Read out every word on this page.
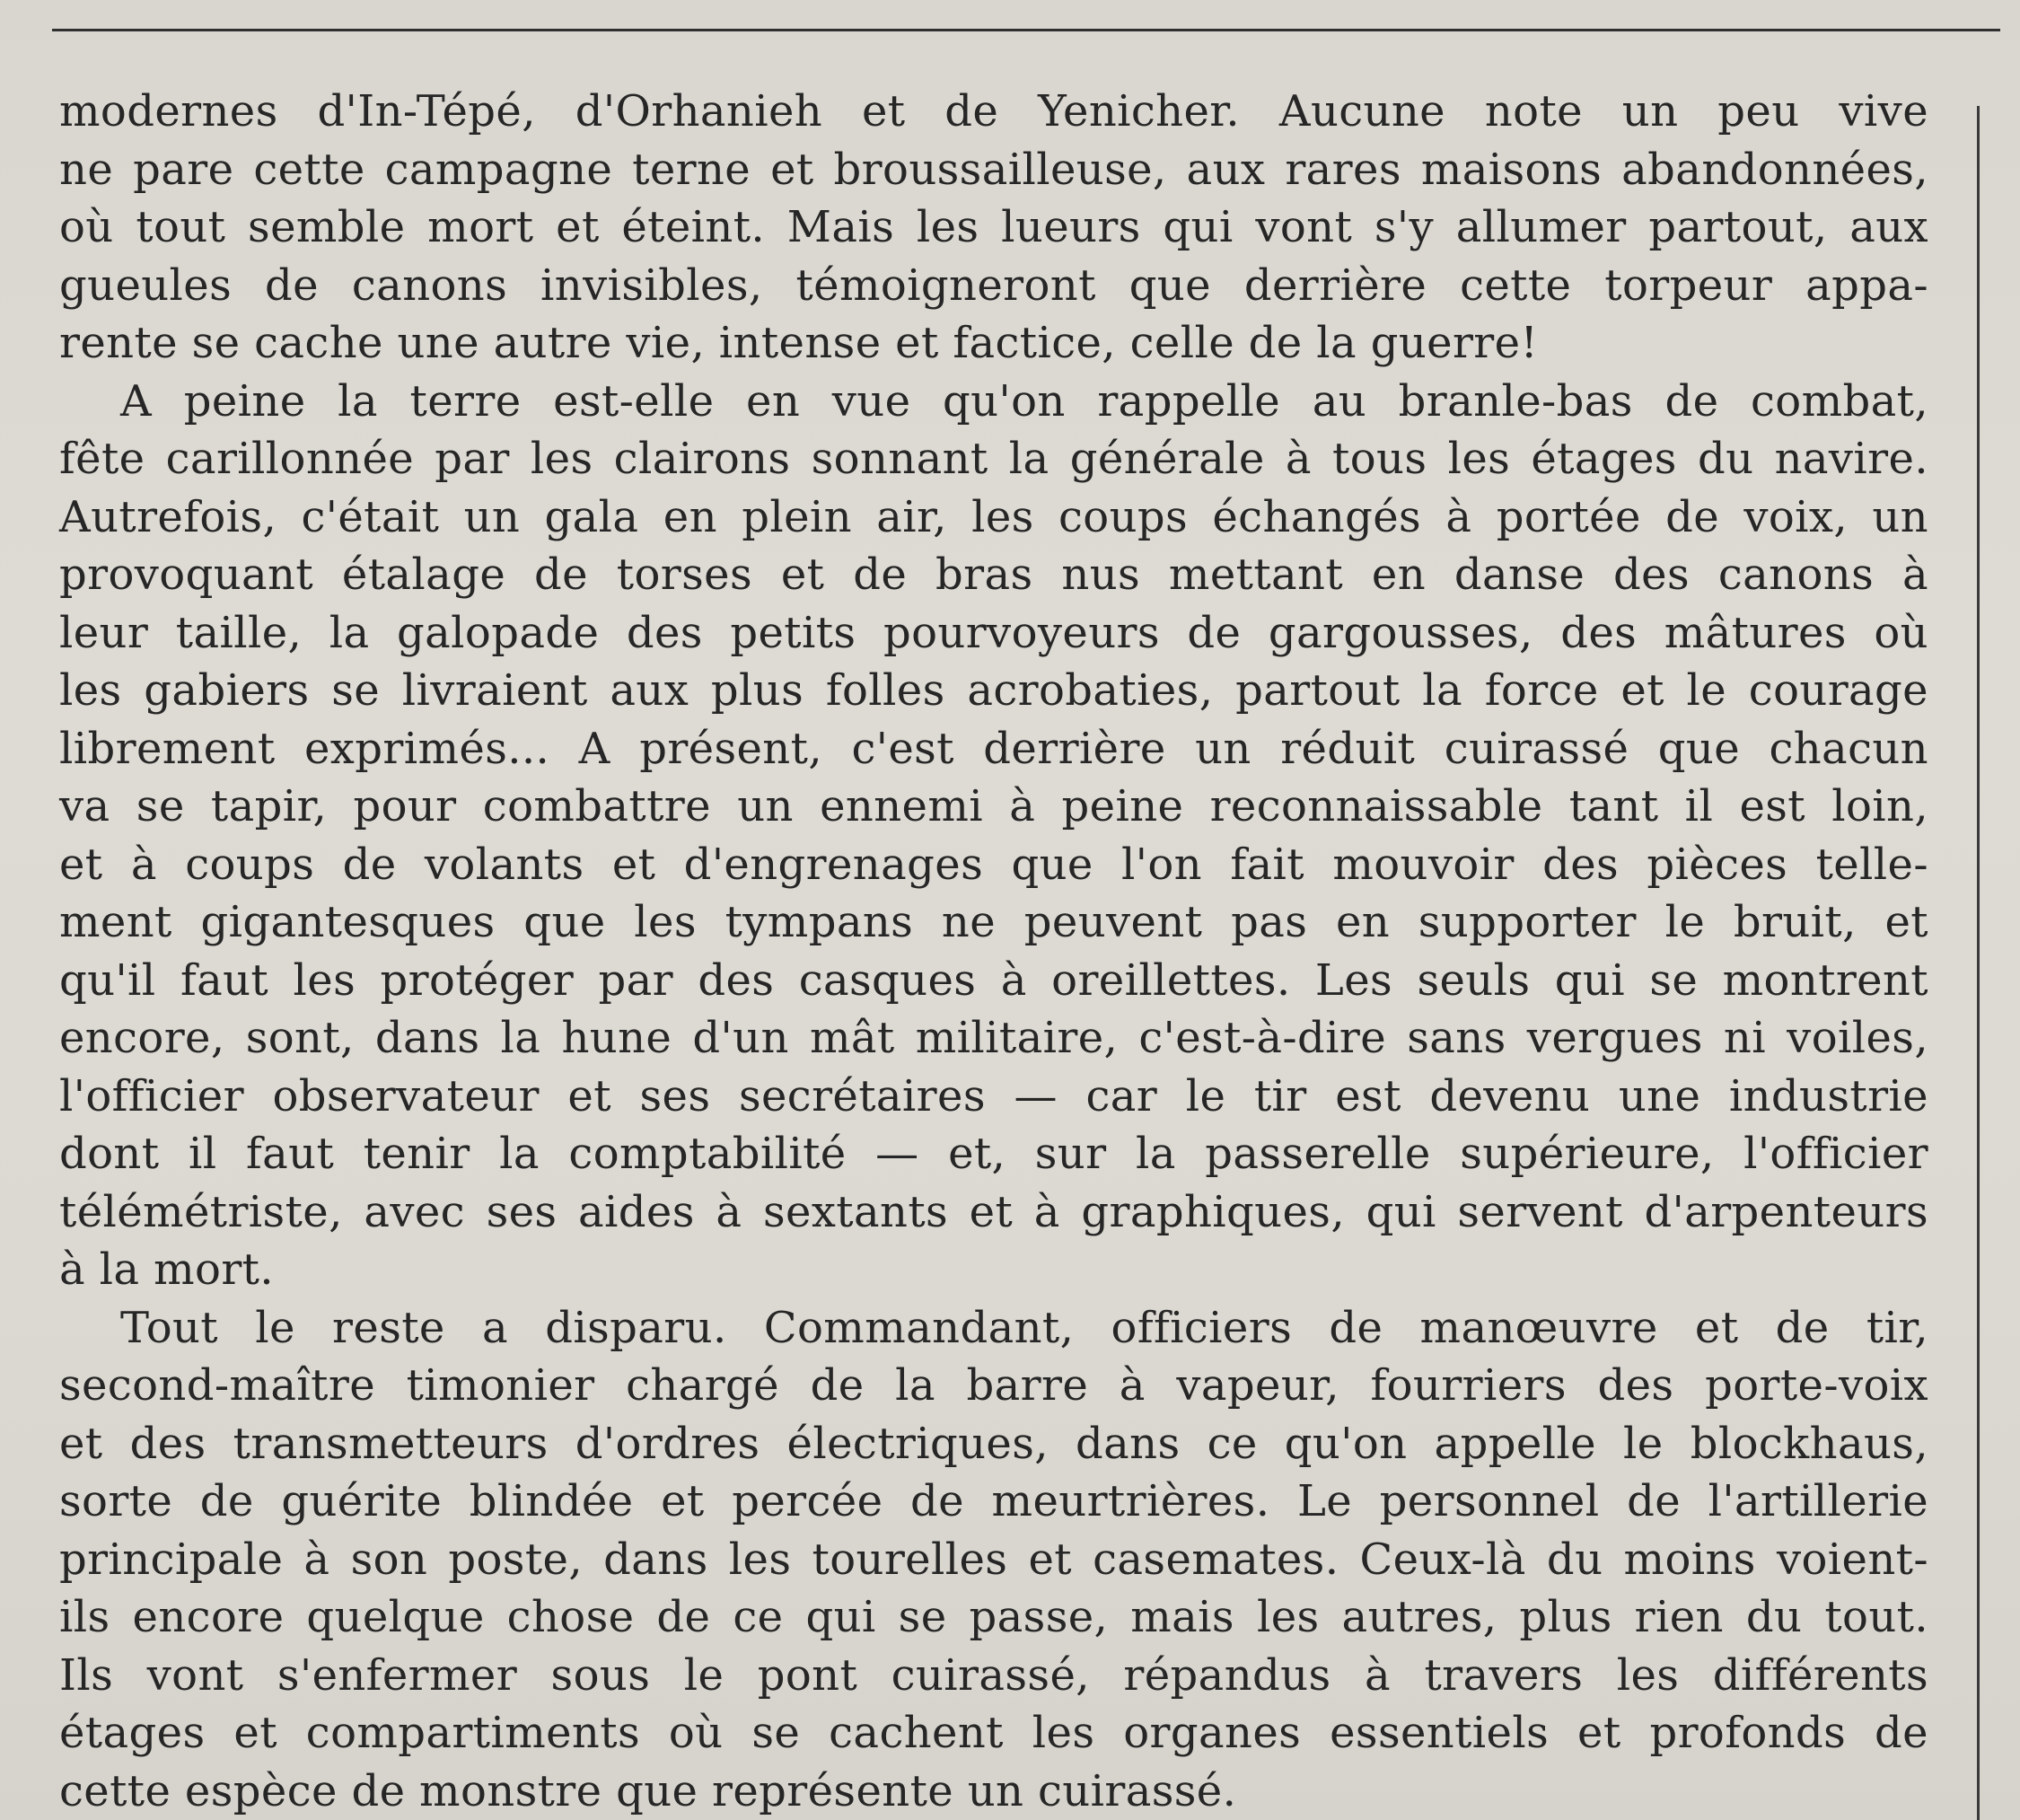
modernes d'In-Tépé, d'Orhanieh et de Yenicher. Aucune note un peu vive
ne pare cette campagne terne et broussailleuse, aux rares maisons abandonnées,
où tout semble mort et éteint. Mais les lueurs qui vont s'y allumer partout, aux
gueules de canons invisibles, témoigneront que derrière cette torpeur appa-
rente se cache une autre vie, intense et factice, celle de la guerre!

A peine la terre est-elle en vue qu'on rappelle au branle-bas de combat,
fête carillonnée par les clairons sonnant la générale à tous les étages du navire.
Autrefois, c'était un gala en plein air, les coups échangés à portée de voix, un
provoquant étalage de torses et de bras nus mettant en danse des canons à
leur taille, la galopade des petits pourvoyeurs de gargousses, des mâtures où
les gabiers se livraient aux plus folles acrobaties, partout la force et le courage
librement exprimés... A présent, c'est derrière un réduit cuirassé que chacun
va se tapir, pour combattre un ennemi à peine reconnaissable tant il est loin,
et à coups de volants et d'engrenages que l'on fait mouvoir des pièces telle-
ment gigantesques que les tympans ne peuvent pas en supporter le bruit, et
qu'il faut les protéger par des casques à oreillettes. Les seuls qui se montrent
encore, sont, dans la hune d'un mât militaire, c'est-à-dire sans vergues ni voiles,
l'officier observateur et ses secrétaires — car le tir est devenu une industrie
dont il faut tenir la comptabilité — et, sur la passerelle supérieure, l'officier
télémétriste, avec ses aides à sextants et à graphiques, qui servent d'arpenteurs
à la mort.

Tout le reste a disparu. Commandant, officiers de manœuvre et de tir,
second-maître timonier chargé de la barre à vapeur, fourriers des porte-voix
et des transmetteurs d'ordres électriques, dans ce qu'on appelle le blockhaus,
sorte de guérite blindée et percée de meurtrières. Le personnel de l'artillerie
principale à son poste, dans les tourelles et casemates. Ceux-là du moins voient-
ils encore quelque chose de ce qui se passe, mais les autres, plus rien du tout.
Ils vont s'enfermer sous le pont cuirassé, répandus à travers les différents
étages et compartiments où se cachent les organes essentiels et profonds de
cette espèce de monstre que représente un cuirassé.
